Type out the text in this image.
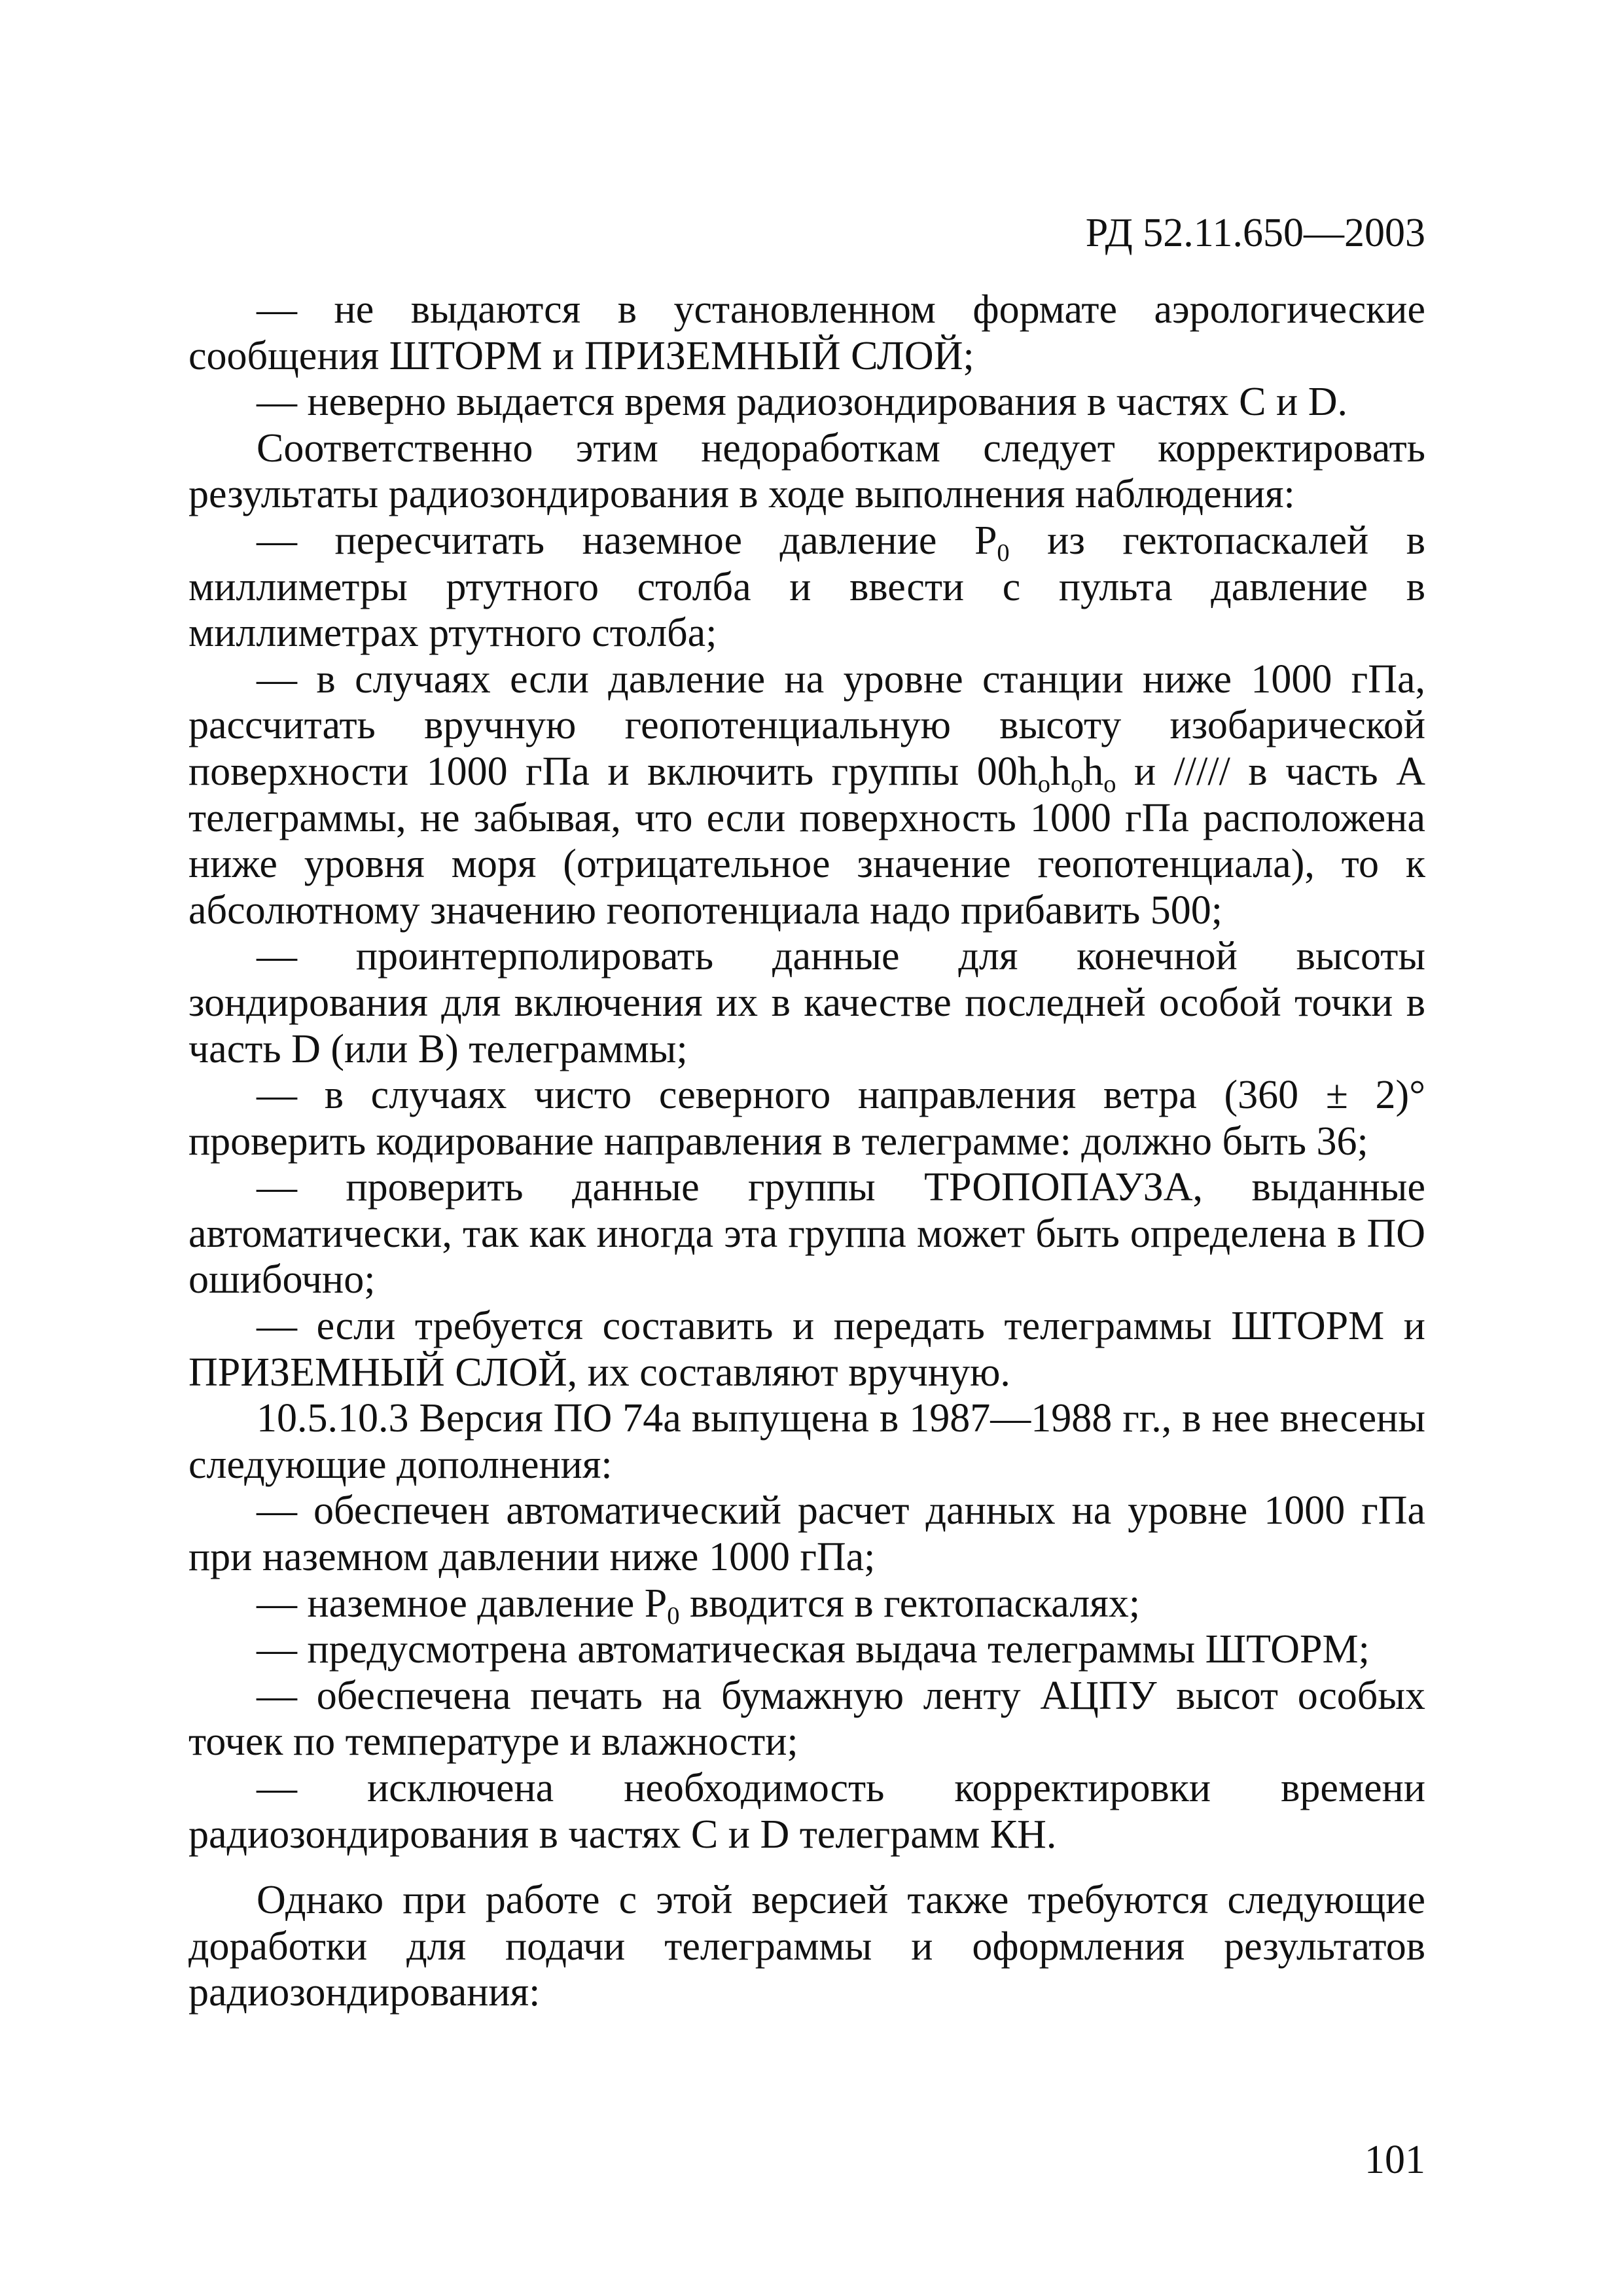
РД 52.11.650—2003

— не выдаются в установленном формате аэрологические сообщения ШТОРМ и ПРИЗЕМНЫЙ СЛОЙ;

— неверно выдается время радиозондирования в частях С и D.

Соответственно этим недоработкам следует корректировать результаты радиозондирования в ходе выполнения наблюдения:

— пересчитать наземное давление $P_0$ из гектопаскалей в миллиметры ртутного столба и ввести с пульта давление в миллиметрах ртутного столба;

— в случаях если давление на уровне станции ниже 1000 гПа, рассчитать вручную геопотенциальную высоту изобарической поверхности 1000 гПа и включить группы $00h_oh_oh_o$ и ///// в часть А телеграммы, не забывая, что если поверхность 1000 гПа расположена ниже уровня моря (отрицательное значение геопотенциала), то к абсолютному значению геопотенциала надо прибавить 500;

— проинтерполировать данные для конечной высоты зондирования для включения их в качестве последней особой точки в часть D (или B) телеграммы;

— в случаях чисто северного направления ветра (360 ± 2)° проверить кодирование направления в телеграмме: должно быть 36;

— проверить данные группы ТРОПОПАУЗА, выданные автоматически, так как иногда эта группа может быть определена в ПО ошибочно;

— если требуется составить и передать телеграммы ШТОРМ и ПРИЗЕМНЫЙ СЛОЙ, их составляют вручную.

10.5.10.3 Версия ПО 74а выпущена в 1987—1988 гг., в нее внесены следующие дополнения:

— обеспечен автоматический расчет данных на уровне 1000 гПа при наземном давлении ниже 1000 гПа;

— наземное давление $P_0$ вводится в гектопаскалях;

— предусмотрена автоматическая выдача телеграммы ШТОРМ;

— обеспечена печать на бумажную ленту АЦПУ высот особых точек по температуре и влажности;

— исключена необходимость корректировки времени радиозондирования в частях С и D телеграмм КН.

Однако при работе с этой версией также требуются следующие доработки для подачи телеграммы и оформления результатов радиозондирования:

101
